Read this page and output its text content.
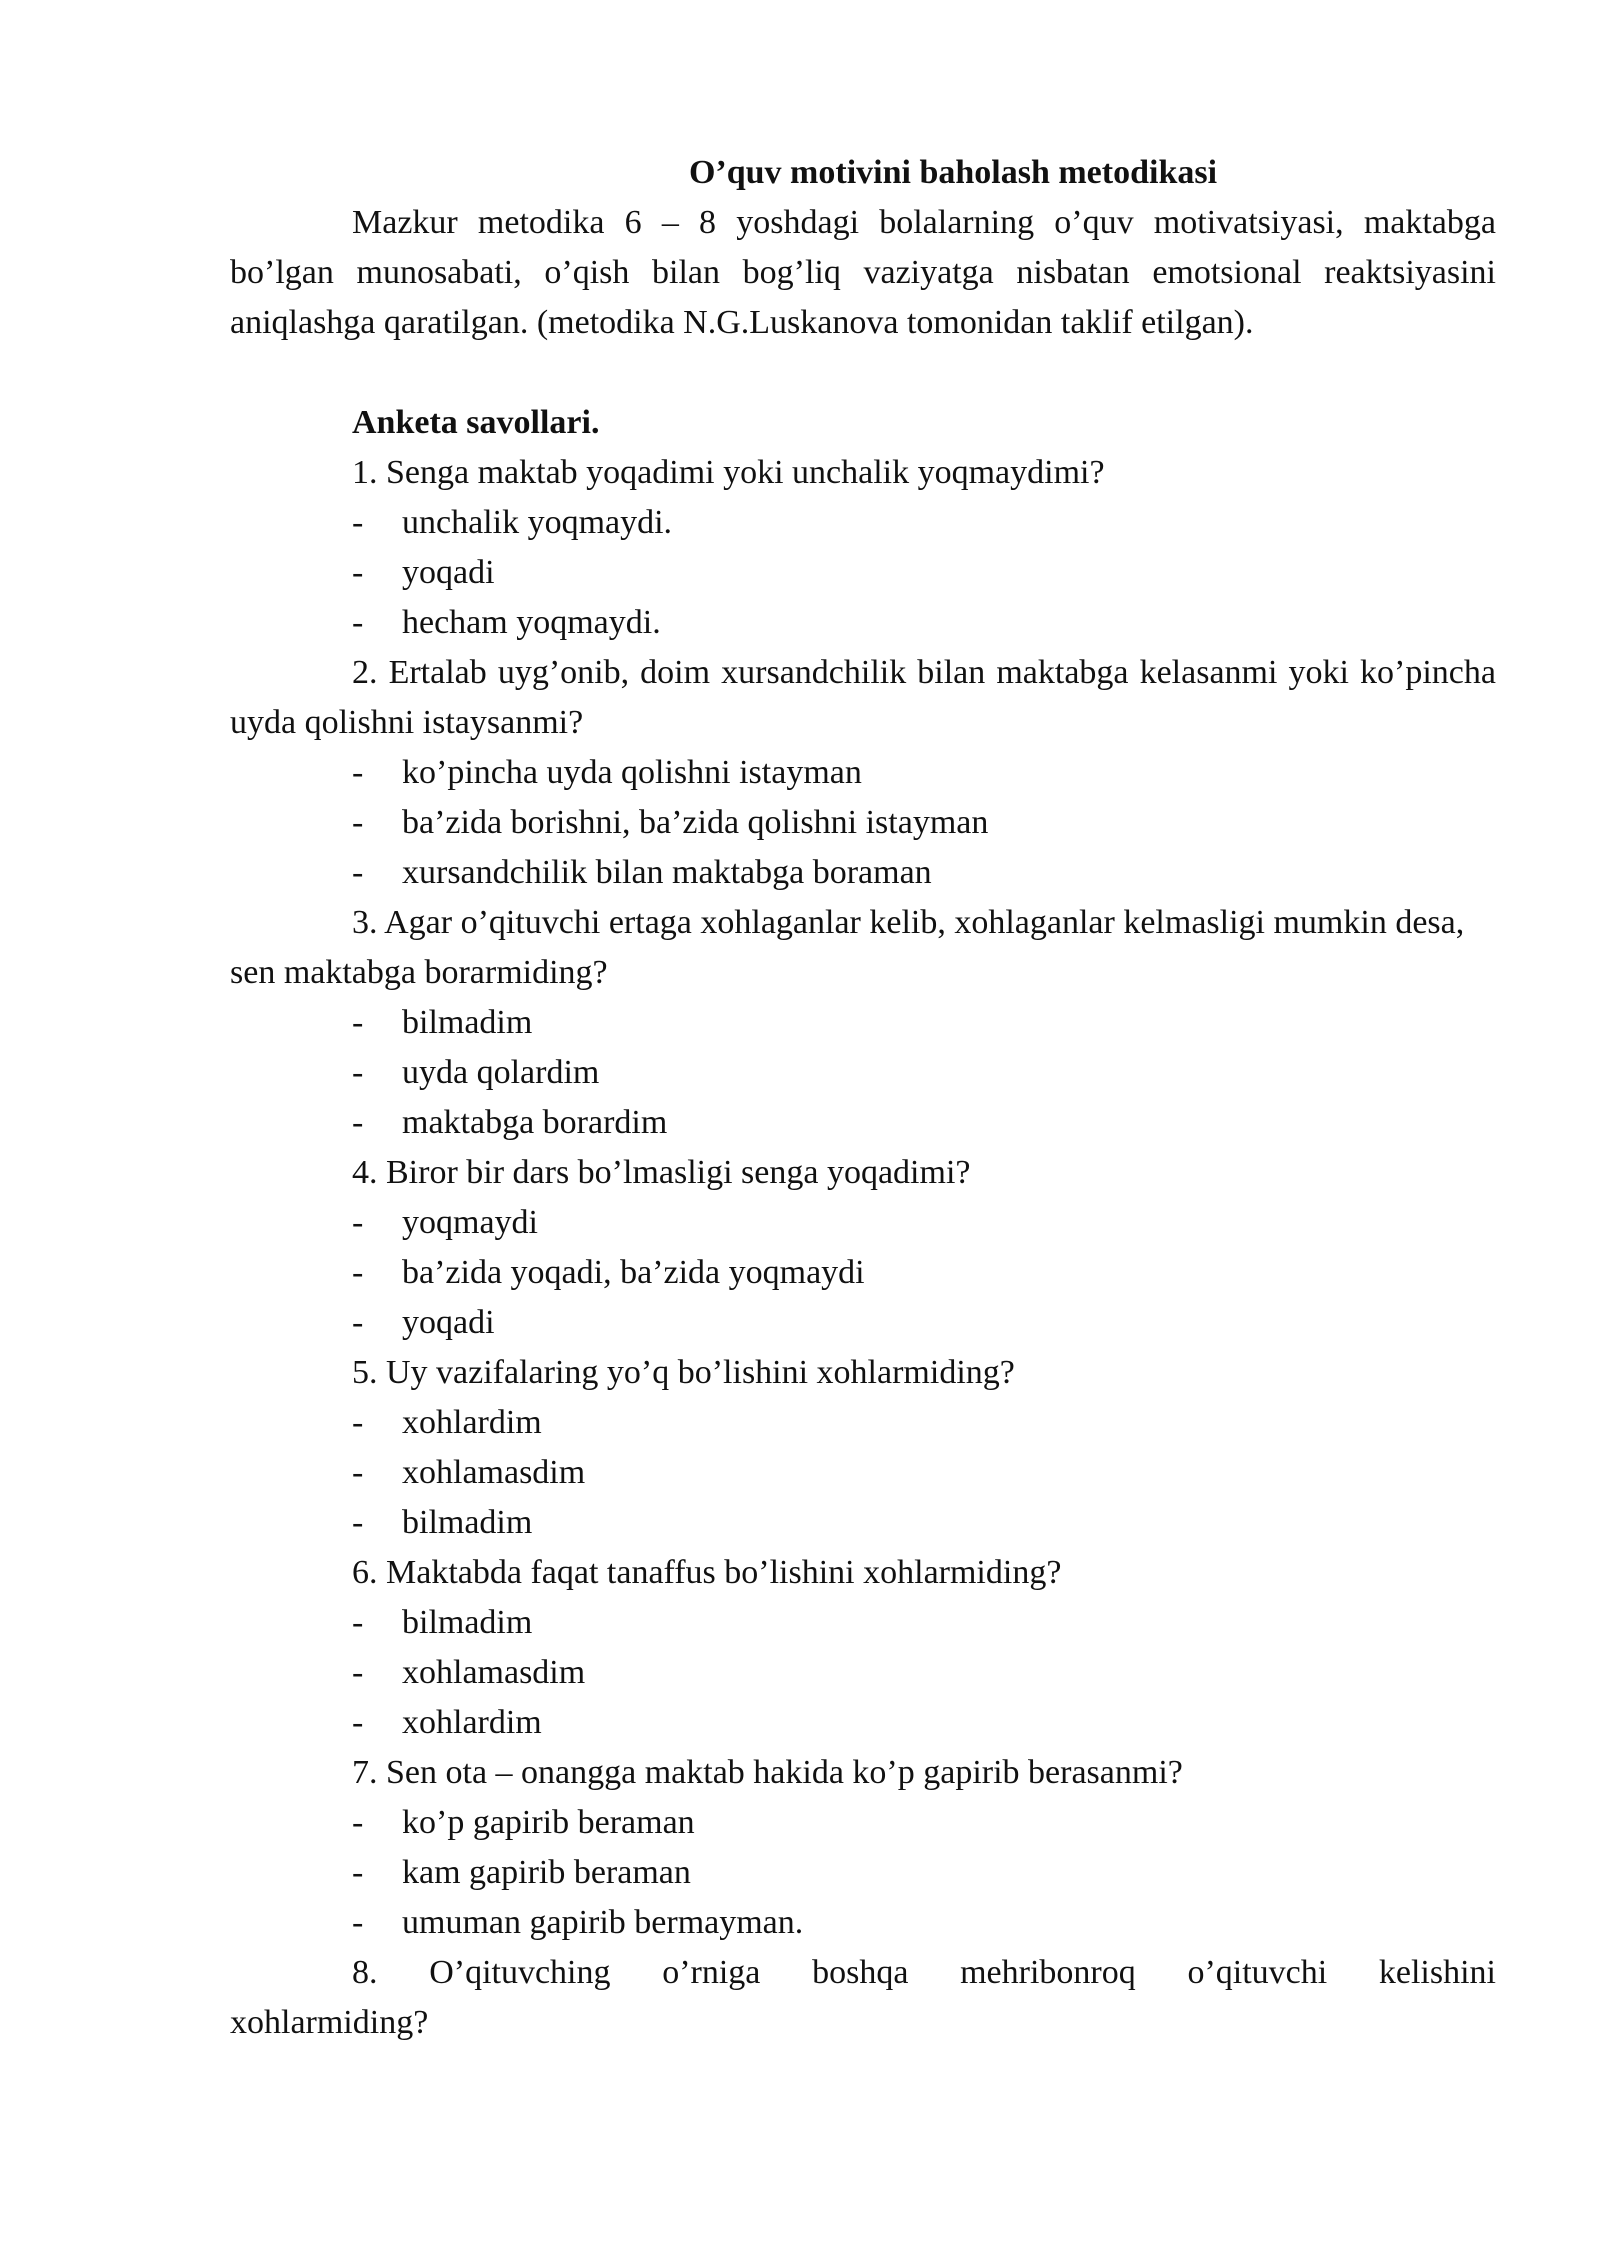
O’quv motivini baholash metodikasi

Mazkur metodika 6 – 8 yoshdagi bolalarning o’quv motivatsiyasi, maktabga bo’lgan munosabati, o’qish bilan bog’liq vaziyatga nisbatan emotsional reaktsiyasini aniqlashga qaratilgan. (metodika N.G.Luskanova tomonidan taklif etilgan).

Anketa savollari.

1. Senga maktab yoqadimi yoki unchalik yoqmaydimi?

-	unchalik yoqmaydi.
-	yoqadi
-	hecham yoqmaydi.

2. Ertalab uyg’onib, doim xursandchilik bilan maktabga kelasanmi yoki ko’pincha uyda qolishni istaysanmi?

-	ko’pincha uyda qolishni istayman
-	ba’zida borishni, ba’zida qolishni istayman
-	xursandchilik bilan maktabga boraman

3. Agar o’qituvchi ertaga xohlaganlar kelib, xohlaganlar kelmasligi mumkin desa, sen maktabga borarmiding?

-	bilmadim
-	uyda qolardim
-	maktabga borardim

4. Biror bir dars bo’lmasligi senga yoqadimi?

-	yoqmaydi
-	ba’zida yoqadi, ba’zida yoqmaydi
-	yoqadi

5. Uy vazifalaring yo’q bo’lishini xohlarmiding?

-	xohlardim
-	xohlamasdim
-	bilmadim

6. Maktabda faqat tanaffus bo’lishini xohlarmiding?

-	bilmadim
-	xohlamasdim
-	xohlardim

7. Sen ota – onangga maktab hakida ko’p gapirib berasanmi?

-	ko’p gapirib beraman
-	kam gapirib beraman
-	umuman gapirib bermayman.

8. O’qituvching o’rniga boshqa mehribonroq o’qituvchi kelishini

xohlarmiding?
